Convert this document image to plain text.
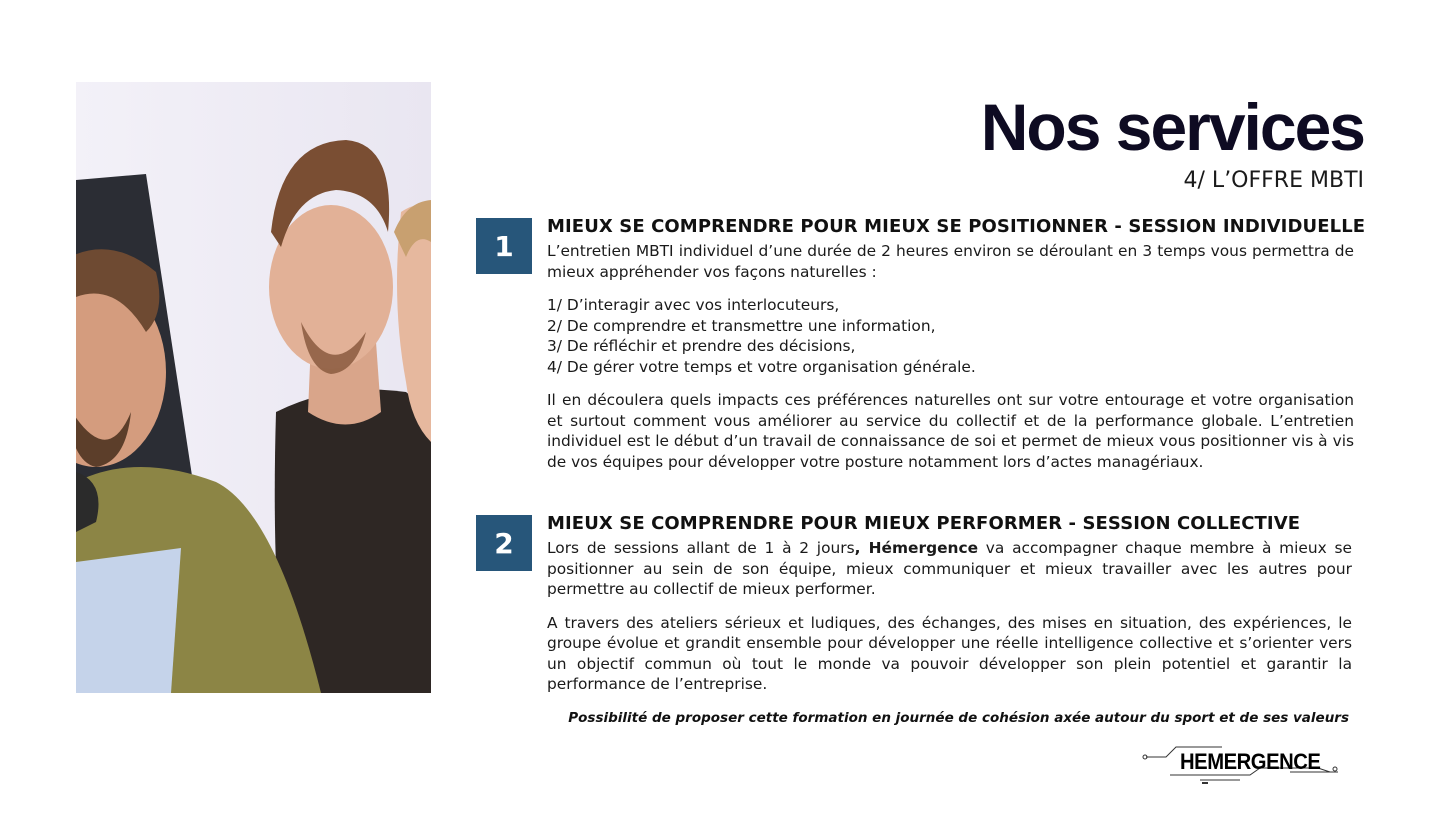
Nos services
4/ L’OFFRE MBTI
1
MIEUX SE COMPRENDRE POUR MIEUX SE POSITIONNER - SESSION INDIVIDUELLE

L’entretien MBTI individuel d’une durée de 2 heures environ se déroulant en 3 temps vous permettra de mieux appréhender vos façons naturelles :

1/ D’interagir avec vos interlocuteurs,
2/ De comprendre et transmettre une information,
3/ De réfléchir et prendre des décisions,
4/ De gérer votre temps et votre organisation générale.

Il en découlera quels impacts ces préférences naturelles ont sur votre entourage et votre organisation et surtout comment vous améliorer au service du collectif et de la performance globale. L’entretien individuel est le début d’un travail de connaissance de soi et permet de mieux vous positionner vis à vis de vos équipes pour développer votre posture notamment lors d’actes managériaux.

2
MIEUX SE COMPRENDRE POUR MIEUX PERFORMER - SESSION COLLECTIVE

Lors de sessions allant de 1 à 2 jours, Hémergence va accompagner chaque membre à mieux se positionner au sein de son équipe, mieux communiquer et mieux travailler avec les autres pour permettre au collectif de mieux performer.

A travers des ateliers sérieux et ludiques, des échanges, des mises en situation, des expériences, le groupe évolue et grandit ensemble pour développer une réelle intelligence collective et s’orienter vers un objectif commun où tout le monde va pouvoir développer son plein potentiel et garantir la performance de l’entreprise.

Possibilité de proposer cette formation en journée de cohésion axée autour du sport et de ses valeurs
HEMERGENCE
